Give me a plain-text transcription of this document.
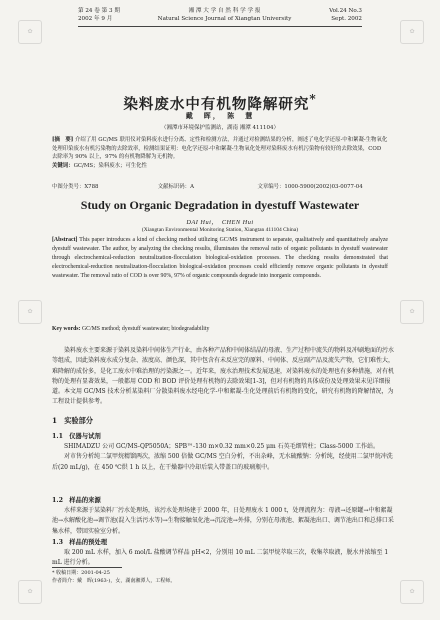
✿	✿
✿	✿
✿	✿
第 24 卷 第 3 期
2002 年 9 月
湘 潭 大 学 自 然 科 学 学 报
Natural Science Journal of Xiangtan University
Vol.24 No.3
Sept. 2002
染料废水中有机物降解研究*
戴　晖，　陈　慧
（湘潭市环境保护监测站，湖南 湘潭 411104）
[摘　要] 介绍了用 GC/MS 联用仪对染料废水进行分离、定性和检测方法，并通过对检测结果的分析，阐述了电化学还原-中和絮凝-生物氧化处理印染废水有机污染物的去除效率，检测结果证明：电化学还原-中和絮凝-生物氧化处理对染料废水有机污染物有较好的去除效果，COD 去除率为 90% 以上，97% 的有机物降解为无机物。
关键词：GC/MS；染料废水；可生化性
中图分类号：X788	文献标识码：A	文章编号：1000-5900(2002)03-0077-04
Study on Organic Degradation in dyestuff Wastewater
DAI Hui，　CHEN Hui
(Xiangtan Environmental Monitoring Station, Xiangtan 411104 China)
[Abstract] This paper introduces a kind of checking method utilizing GC/MS instrument to separate, qualitatively and quantitatively analyze dyestuff wastewater. The author, by analyzing the checking results, illuminates the removal ratio of organic pollutants in dyestuff wastewater through electrochemical-reduction neutralization-flocculation biological-oxidation processes. The checking results demonstrated that electrochemical-reduction neutralization-flocculation biological-oxidation processes could efficiently remove organic pollutants in dyestuff wastewater. The removal ratio of COD is over 90%, 97% of organic compounds degrade into inorganic compounds.
Key words: GC/MS method; dyestuff wastewater; biodegradability

染料废水主要来源于染料及染料中间体生产行业，由各种产品和中间体结晶的母液、生产过程中流失的物料及冲刷地面的污水等组成，因此染料废水成分复杂、浓度高、颜色深，其中包含有未反应完的原料、中间体、反应副产品及流失产物，它们难性大，难降解的成份多，是化工废水中难治理的污染源之一。近年来，废水治理技术发展迅速，对染料废水的处理也有多种措施，对有机物的处理有显著效果，一般都用 COD 和 BOD 评价处理有机物的去除效果[1-3]，但对有机物的具体成份及处理效果未见详细报道。本文用 GC/MS 技术分析某染料厂分散染料废水经电化学-中和絮凝-生化处理前后有机物的变化，研究有机物的降解情况，为工程设计提供参考。

1　实验部分
1.1　仪器与试剂

SHIMADZU 公司 GC/MS-QP5050A；SPB™-130 m×0.32 mm×0.25 μm 石英毛细管柱；Class-5000 工作站。

对市售分析纯二氯甲烷精馏两次，浓缩 500 倍做 GC/MS 空白分析，不出杂峰，无水硫酸钠：分析纯，经使用二氯甲烷冲洗后(20 mL/g)，在 450 ℃烘 1 h 以上，在干燥器中冷却后装入带盖口的玻璃瓶中。

1.2　样品的来源

水样来源于某染料厂污水处理场，该污水处理场建于 2000 年，日处理废水 1 000 t，处理流程为：母液→还原罐→中和絮凝池→水解酸化池→调节池(混入生活污水等)→生物接触氧化池→沉淀池→外排，分别在母液池、絮凝池出口、调节池出口和总排口采集水样，带回实验室分析。

1.3　样品的预处理

取 200 mL 水样，加入 6 mol/L 盐酸调节样品 pH<2，分别用 10 mL 二氯甲烷萃取三次，收集萃取液，脱水并浓缩至 1 mL 进行分析。

* 收稿日期：2001-04-25
作者简介：戴　晖(1963-)，女，湖南湘潭人，工程师。
